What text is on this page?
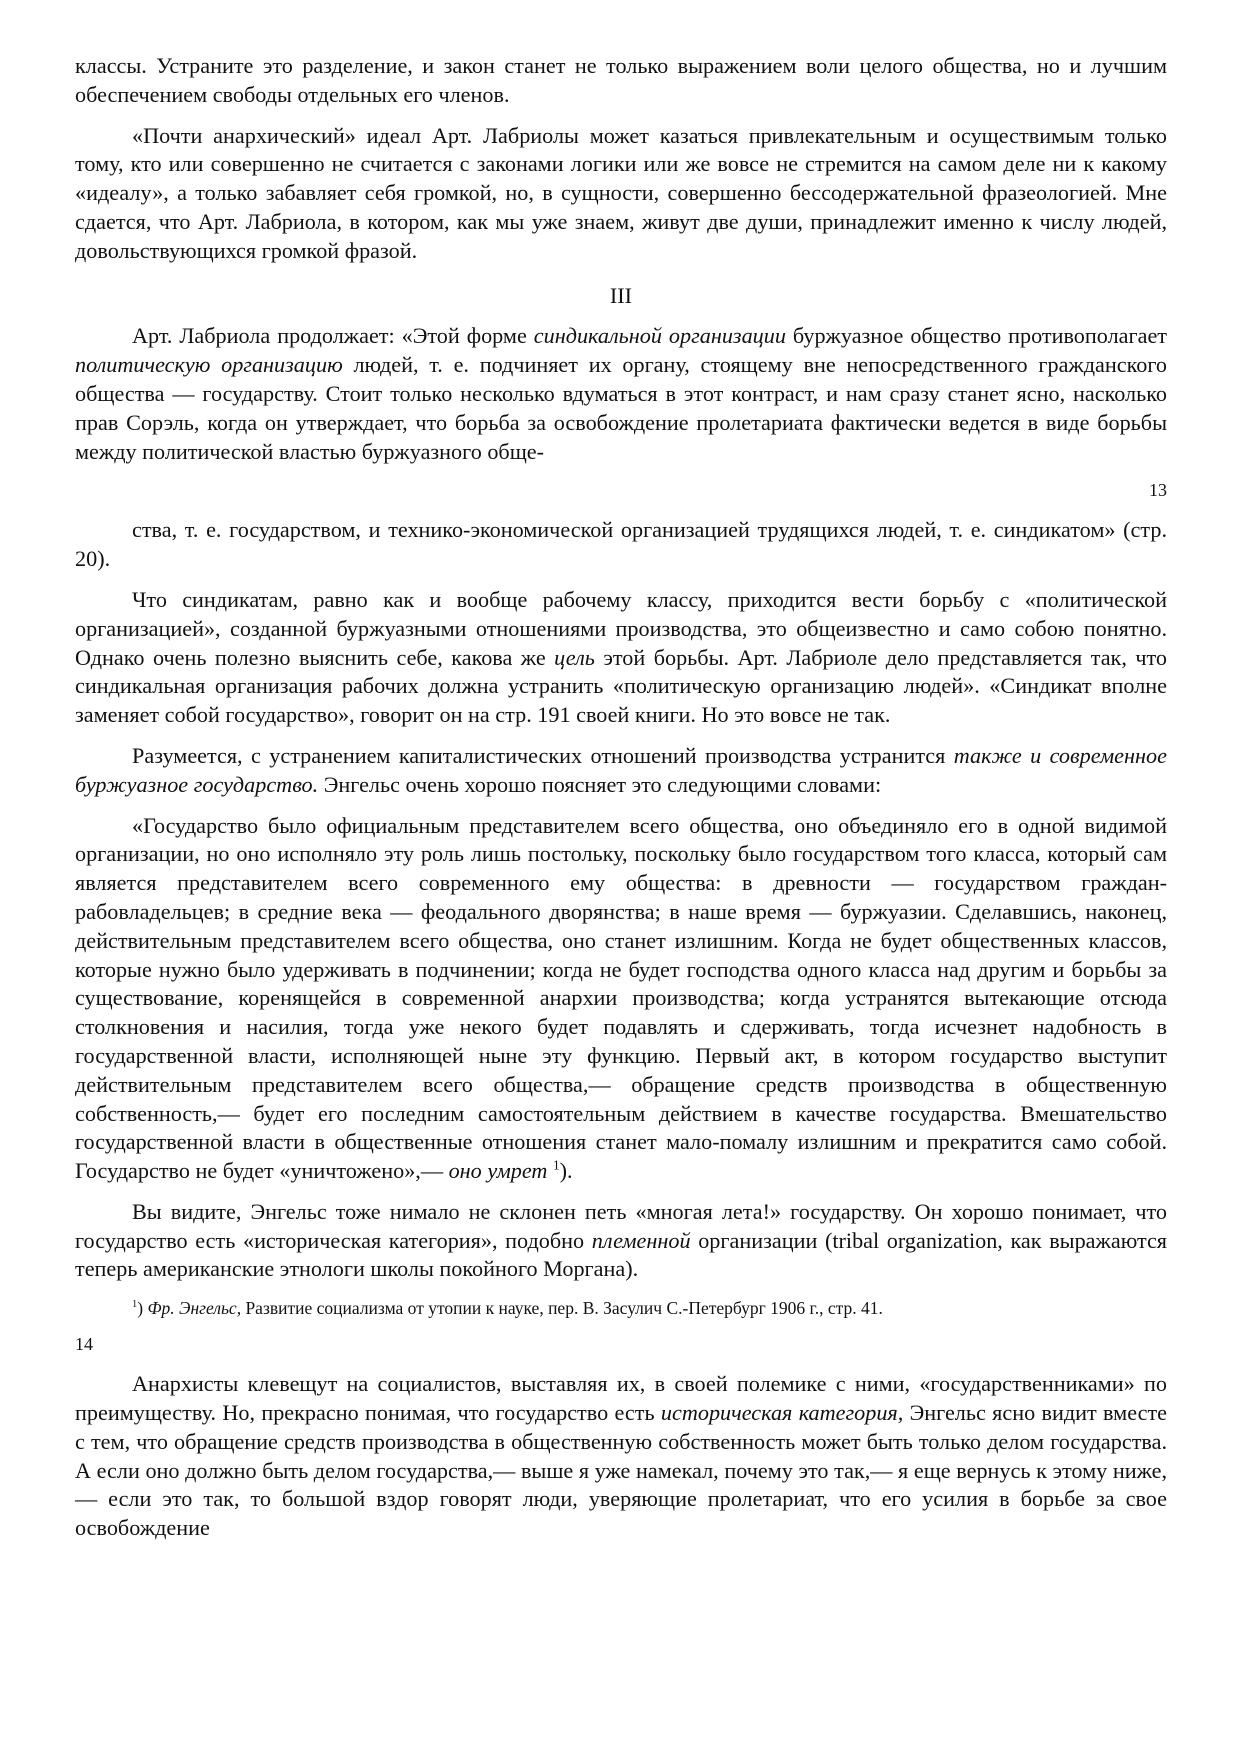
классы. Устраните это разделение, и закон станет не только выражением воли целого общества, но и лучшим обеспечением свободы отдельных его членов.

«Почти анархический» идеал Арт. Лабриолы может казаться привлекательным и осуществимым только тому, кто или совершенно не считается с законами логики или же вовсе не стремится на самом деле ни к какому «идеалу», а только забавляет себя громкой, но, в сущности, совершенно бессодержательной фразеологией. Мне сдается, что Арт. Лабриола, в котором, как мы уже знаем, живут две души, принадлежит именно к числу людей, довольствующихся громкой фразой.

III

Арт. Лабриола продолжает: «Этой форме синдикальной организации буржуазное общество противополагает политическую организацию людей, т. е. подчиняет их органу, стоящему вне непосредственного гражданского общества — государству. Стоит только несколько вдуматься в этот контраст, и нам сразу станет ясно, насколько прав Сорэль, когда он утверждает, что борьба за освобождение пролетариата фактически ведется в виде борьбы между политической властью буржуазного обще-

13

ства, т. е. государством, и технико-экономической организацией трудящихся людей, т. е. синдикатом» (стр. 20).

Что синдикатам, равно как и вообще рабочему классу, приходится вести борьбу с «политической организацией», созданной буржуазными отношениями производства, это общеизвестно и само собою понятно. Однако очень полезно выяснить себе, какова же цель этой борьбы. Арт. Лабриоле дело представляется так, что синдикальная организация рабочих должна устранить «политическую организацию людей». «Синдикат вполне заменяет собой государство», говорит он на стр. 191 своей книги. Но это вовсе не так.

Разумеется, с устранением капиталистических отношений производства устранится также и современное буржуазное государство. Энгельс очень хорошо поясняет это следующими словами:

«Государство было официальным представителем всего общества, оно объединяло его в одной видимой организации, но оно исполняло эту роль лишь постольку, поскольку было государством того класса, который сам является представителем всего современного ему общества: в древности — государством граждан-рабовладельцев; в средние века — феодального дворянства; в наше время — буржуазии. Сделавшись, наконец, действительным представителем всего общества, оно станет излишним. Когда не будет общественных классов, которые нужно было удерживать в подчинении; когда не будет господства одного класса над другим и борьбы за существование, коренящейся в современной анархии производства; когда устранятся вытекающие отсюда столкновения и насилия, тогда уже некого будет подавлять и сдерживать, тогда исчезнет надобность в государственной власти, исполняющей ныне эту функцию. Первый акт, в котором государство выступит действительным представителем всего общества,— обращение средств производства в общественную собственность,— будет его последним самостоятельным действием в качестве государства. Вмешательство государственной власти в общественные отношения станет мало-помалу излишним и прекратится само собой. Государство не будет «уничтожено»,— оно умрет $^1$).

Вы видите, Энгельс тоже нимало не склонен петь «многая лета!» государству. Он хорошо понимает, что государство есть «историческая категория», подобно племенной организации (tribal organization, как выражаются теперь американские этнологи школы покойного Моргана).

$^1$) Фр. Энгельс, Развитие социализма от утопии к науке, пер. В. Засулич С.-Петербург 1906 г., стр. 41.

14

Анархисты клевещут на социалистов, выставляя их, в своей полемике с ними, «государственниками» по преимуществу. Но, прекрасно понимая, что государство есть историческая категория, Энгельс ясно видит вместе с тем, что обращение средств производства в общественную собственность может быть только делом государства. А если оно должно быть делом государства,— выше я уже намекал, почему это так,— я еще вернусь к этому ниже,— если это так, то большой вздор говорят люди, уверяющие пролетариат, что его усилия в борьбе за свое освобождение
